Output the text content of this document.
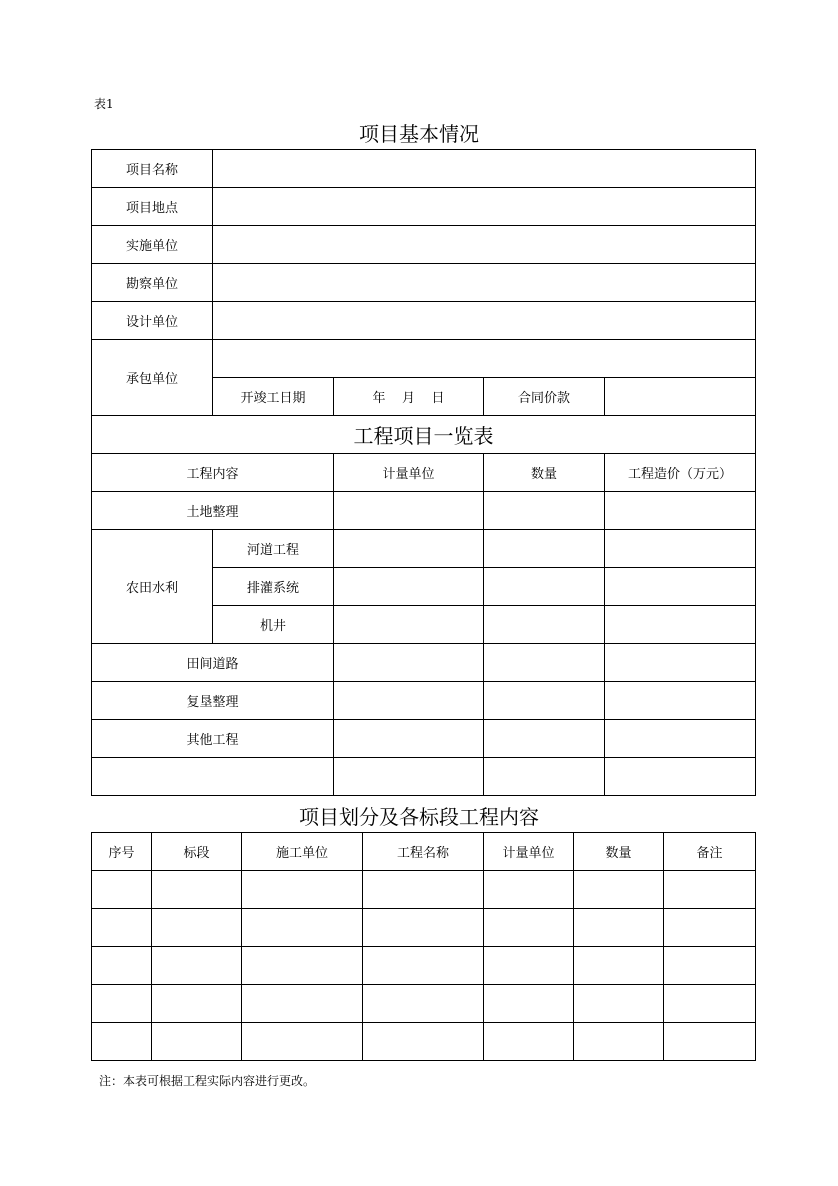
表1
项目基本情况
项目名称				
项目地点				
实施单位				
勘察单位				
设计单位				
承包单位				
	开竣工日期	年    月    日	合同价款	
工程项目一览表				
工程内容		计量单位	数量	工程造价（万元）
土地整理				
农田水利	河道工程			
	排灌系统			
	机井			
田间道路				
复垦整理				
其他工程				

项目划分及各标段工程内容
序号	标段	施工单位	工程名称	计量单位	数量	备注

注：本表可根据工程实际内容进行更改。
